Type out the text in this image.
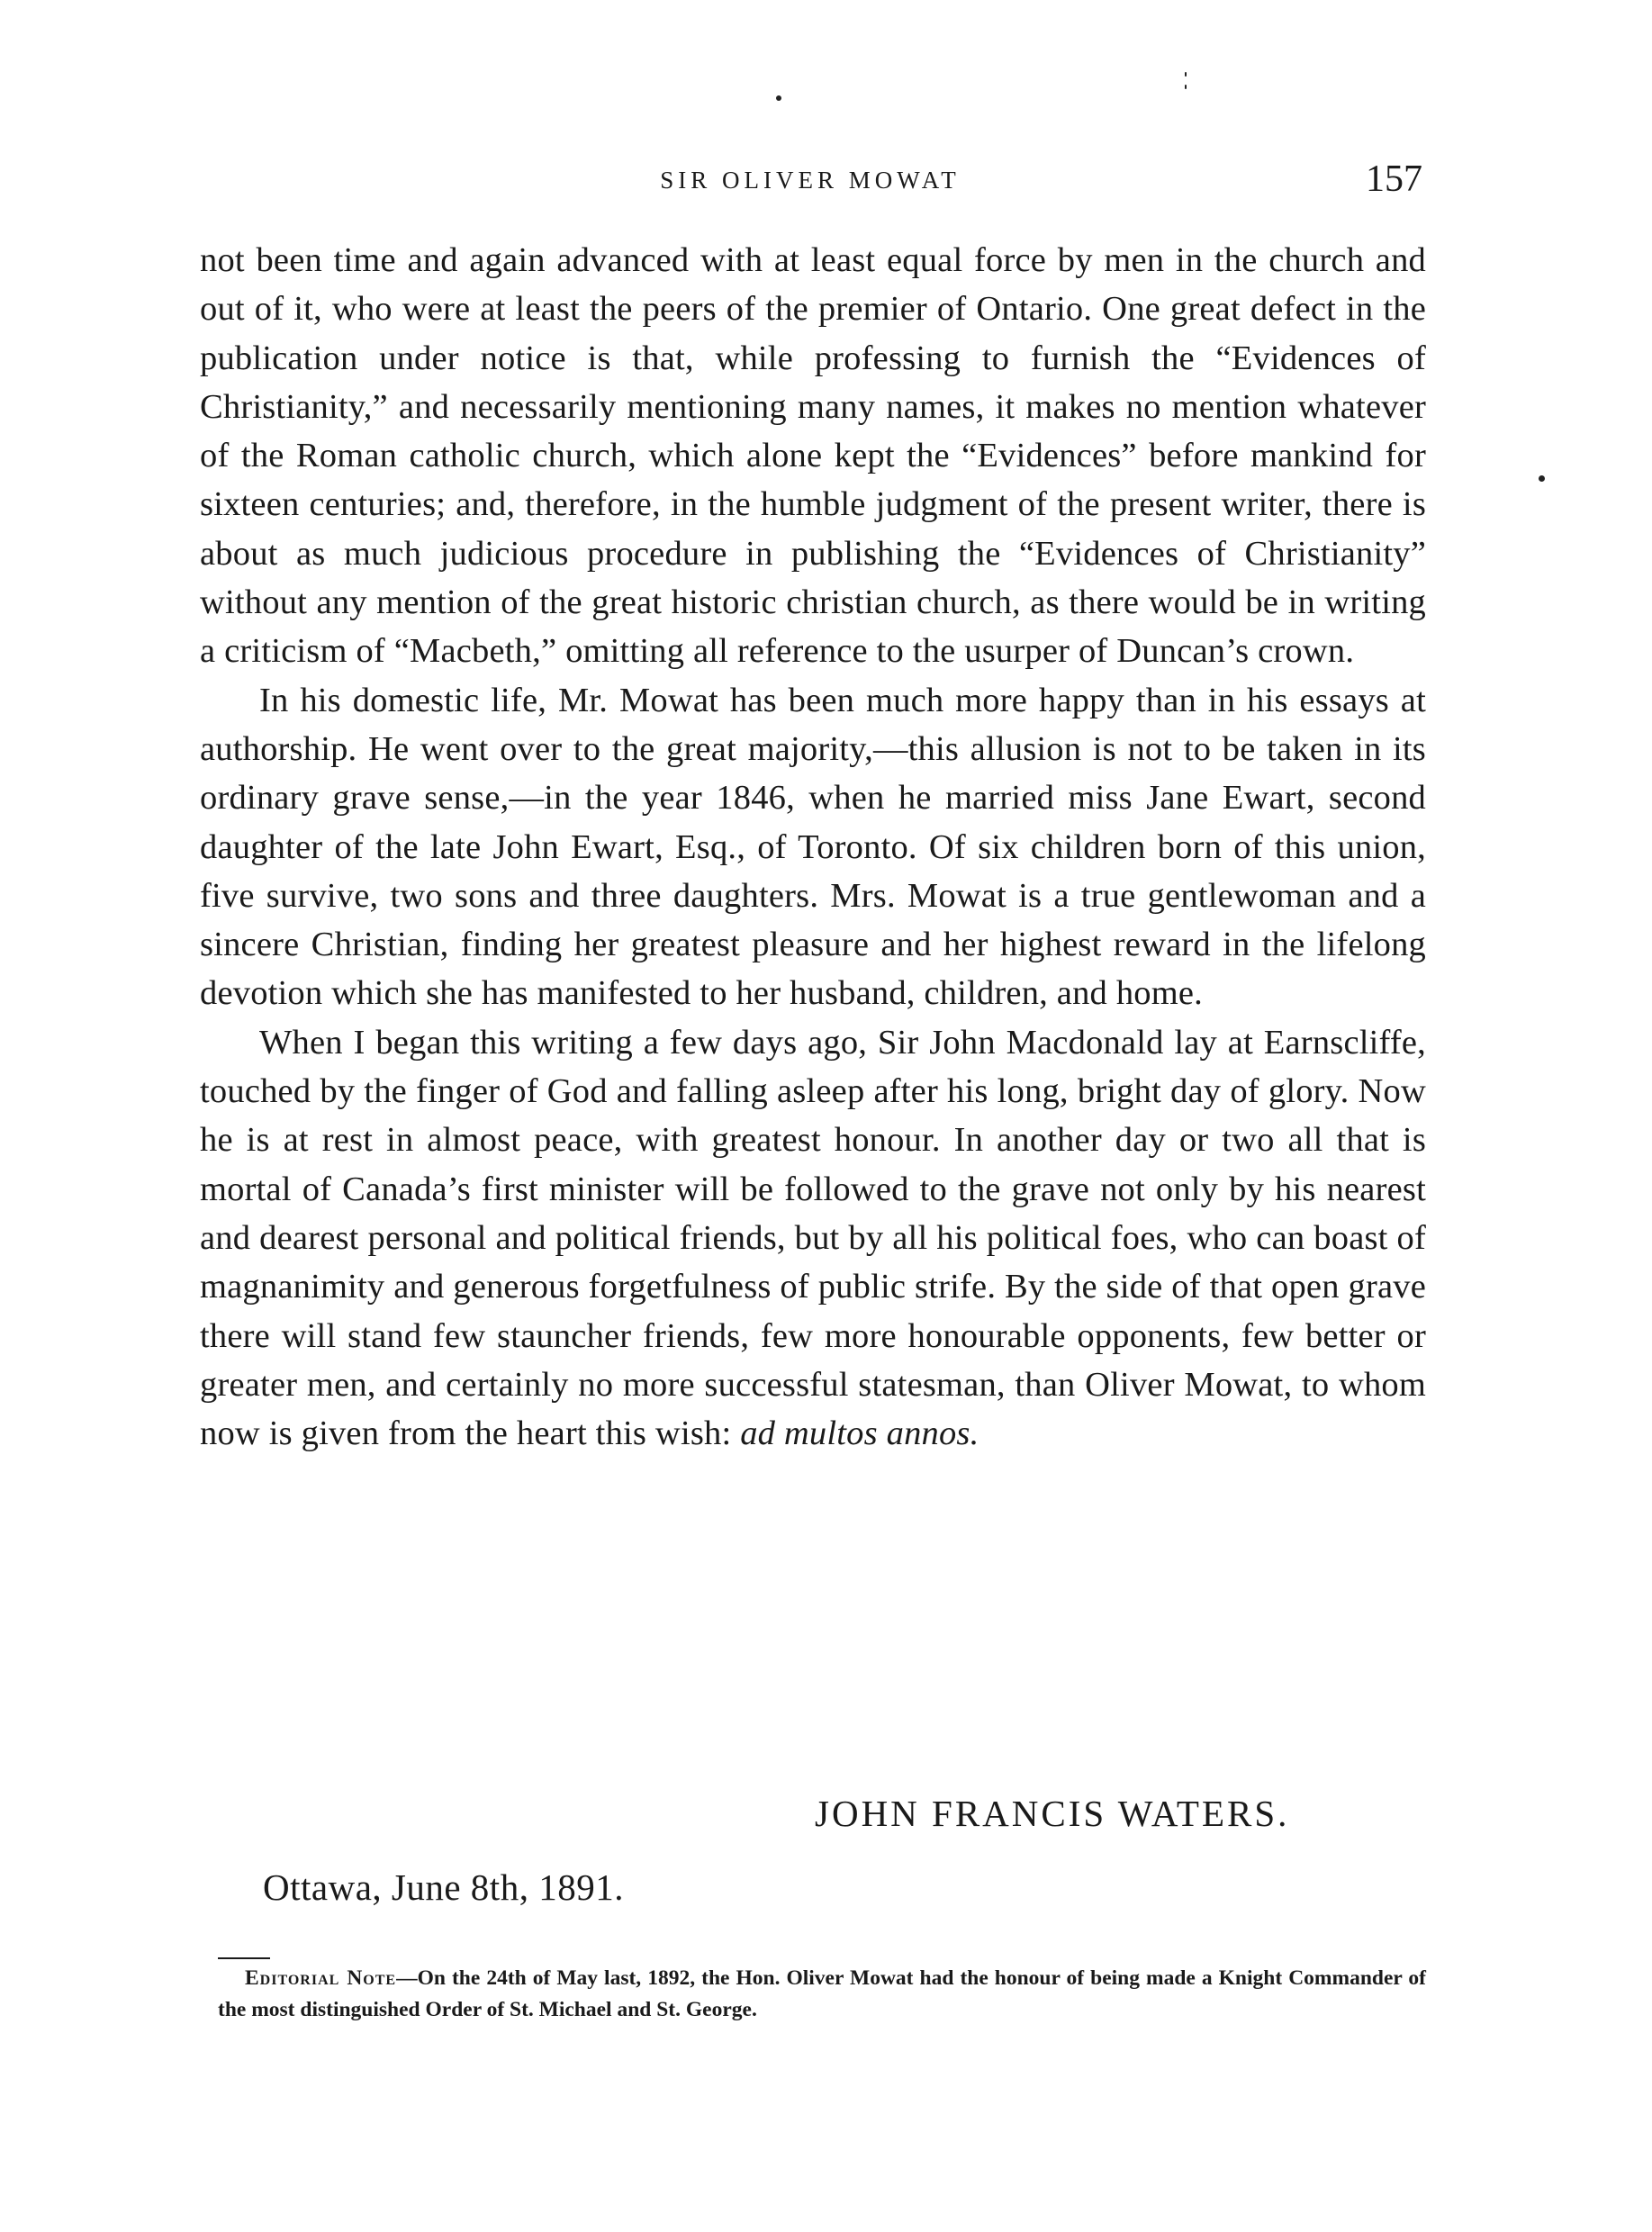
SIR OLIVER MOWAT	157

not been time and again advanced with at least equal force by men in the church and out of it, who were at least the peers of the premier of Ontario. One great defect in the publication under notice is that, while professing to furnish the “Evidences of Christianity,” and necessarily mentioning many names, it makes no mention whatever of the Roman catholic church, which alone kept the “Evidences” before mankind for sixteen centuries; and, therefore, in the humble judgment of the present writer, there is about as much judicious procedure in publishing the “Evidences of Christianity” without any mention of the great historic christian church, as there would be in writing a criticism of “Macbeth,” omitting all reference to the usurper of Duncan’s crown.

In his domestic life, Mr. Mowat has been much more happy than in his essays at authorship. He went over to the great majority,—this allusion is not to be taken in its ordinary grave sense,—in the year 1846, when he married miss Jane Ewart, second daughter of the late John Ewart, Esq., of Toronto. Of six children born of this union, five survive, two sons and three daughters. Mrs. Mowat is a true gentlewoman and a sincere Christian, finding her greatest pleasure and her highest reward in the lifelong devotion which she has manifested to her husband, children, and home.

When I began this writing a few days ago, Sir John Macdonald lay at Earnscliffe, touched by the finger of God and falling asleep after his long, bright day of glory. Now he is at rest in almost peace, with greatest honour. In another day or two all that is mortal of Canada’s first minister will be followed to the grave not only by his nearest and dearest personal and political friends, but by all his political foes, who can boast of magnanimity and generous forgetfulness of public strife. By the side of that open grave there will stand few stauncher friends, few more honourable opponents, few better or greater men, and certainly no more successful statesman, than Oliver Mowat, to whom now is given from the heart this wish: ad multos annos.

JOHN FRANCIS WATERS.
Ottawa, June 8th, 1891.
Editorial Note—On the 24th of May last, 1892, the Hon. Oliver Mowat had the honour of being made a Knight Commander of the most distinguished Order of St. Michael and St. George.
